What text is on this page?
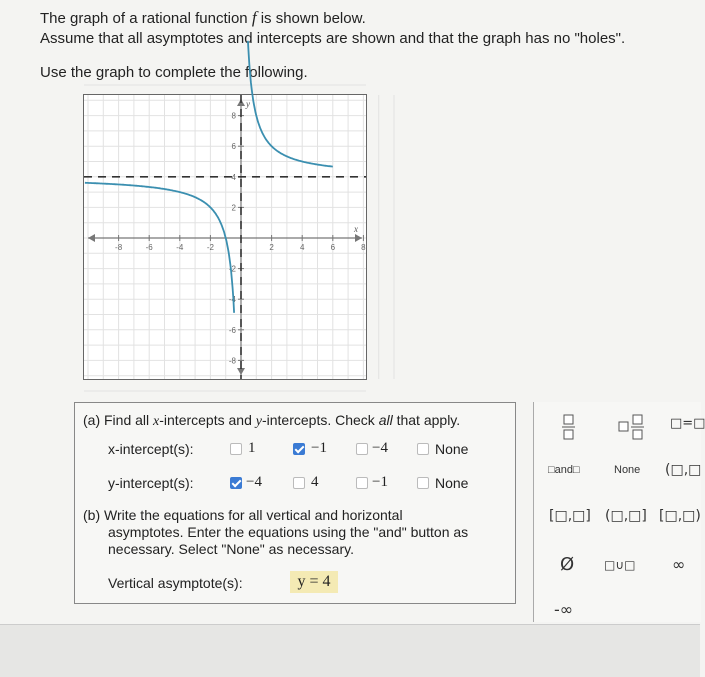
The graph of a rational function f is shown below.
Assume that all asymptotes and intercepts are shown and that the graph has no "holes".
Use the graph to complete the following.
-8	-6	-4	-2	2	4	6	8
8
6
4
2
-2
-4
-6
-8
x
y
(a) Find all x-intercepts and y-intercepts. Check all that apply.
x-intercept(s):	1	−1	−4	None
y-intercept(s):	−4	4	−1	None
(b) Write the equations for all vertical and horizontal
asymptotes. Enter the equations using the "and" button as
necessary. Select "None" as necessary.
Vertical asymptote(s):	y = 4
□=□
□and□	None (□,□
[□,□] (□,□] [□,□)
Ø □∪□ ∞
-∞
